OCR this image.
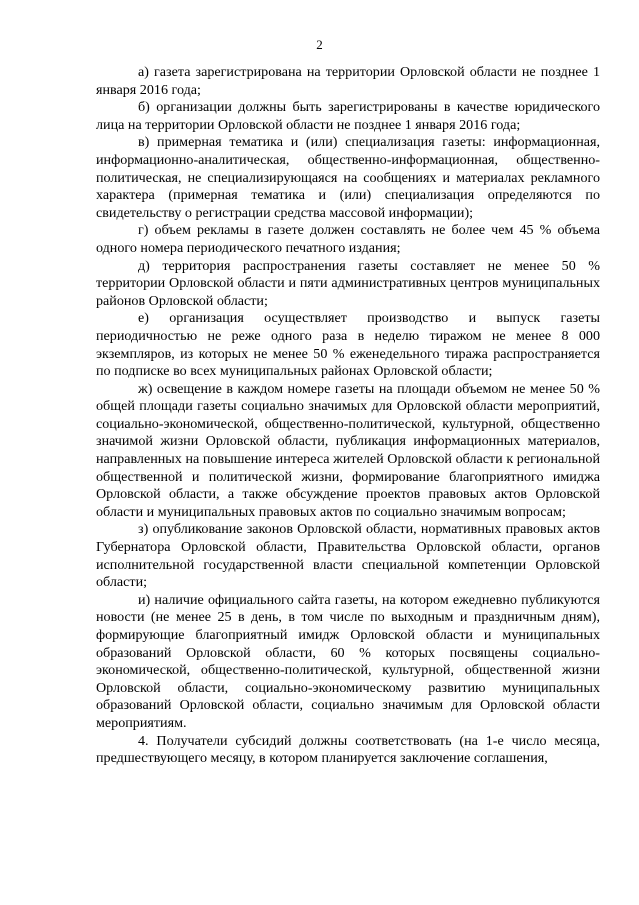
2

а) газета зарегистрирована на территории Орловской области не позднее 1 января 2016 года;

б) организации должны быть зарегистрированы в качестве юридического лица на территории Орловской области не позднее 1 января 2016 года;

в) примерная тематика и (или) специализация газеты: информационная, информационно-аналитическая, общественно-информационная, общественно-политическая, не специализирующаяся на сообщениях и материалах рекламного характера (примерная тематика и (или) специализация определяются по свидетельству о регистрации средства массовой информации);

г) объем рекламы в газете должен составлять не более чем 45 % объема одного номера периодического печатного издания;

д) территория распространения газеты составляет не менее 50 % территории Орловской области и пяти административных центров муниципальных районов Орловской области;

е) организация осуществляет производство и выпуск газеты периодичностью не реже одного раза в неделю тиражом не менее 8 000 экземпляров, из которых не менее 50 % еженедельного тиража распространяется по подписке во всех муниципальных районах Орловской области;

ж) освещение в каждом номере газеты на площади объемом не менее 50 % общей площади газеты социально значимых для Орловской области мероприятий, социально-экономической, общественно-политической, культурной, общественно значимой жизни Орловской области, публикация информационных материалов, направленных на повышение интереса жителей Орловской области к региональной общественной и политической жизни, формирование благоприятного имиджа Орловской области, а также обсуждение проектов правовых актов Орловской области и муниципальных правовых актов по социально значимым вопросам;

з) опубликование законов Орловской области, нормативных правовых актов Губернатора Орловской области, Правительства Орловской области, органов исполнительной государственной власти специальной компетенции Орловской области;

и) наличие официального сайта газеты, на котором ежедневно публикуются новости (не менее 25 в день, в том числе по выходным и праздничным дням), формирующие благоприятный имидж Орловской области и муниципальных образований Орловской области, 60 % которых посвящены социально-экономической, общественно-политической, культурной, общественной жизни Орловской области, социально-экономическому развитию муниципальных образований Орловской области, социально значимым для Орловской области мероприятиям.

4. Получатели субсидий должны соответствовать (на 1-е число месяца, предшествующего месяцу, в котором планируется заключение соглашения,
